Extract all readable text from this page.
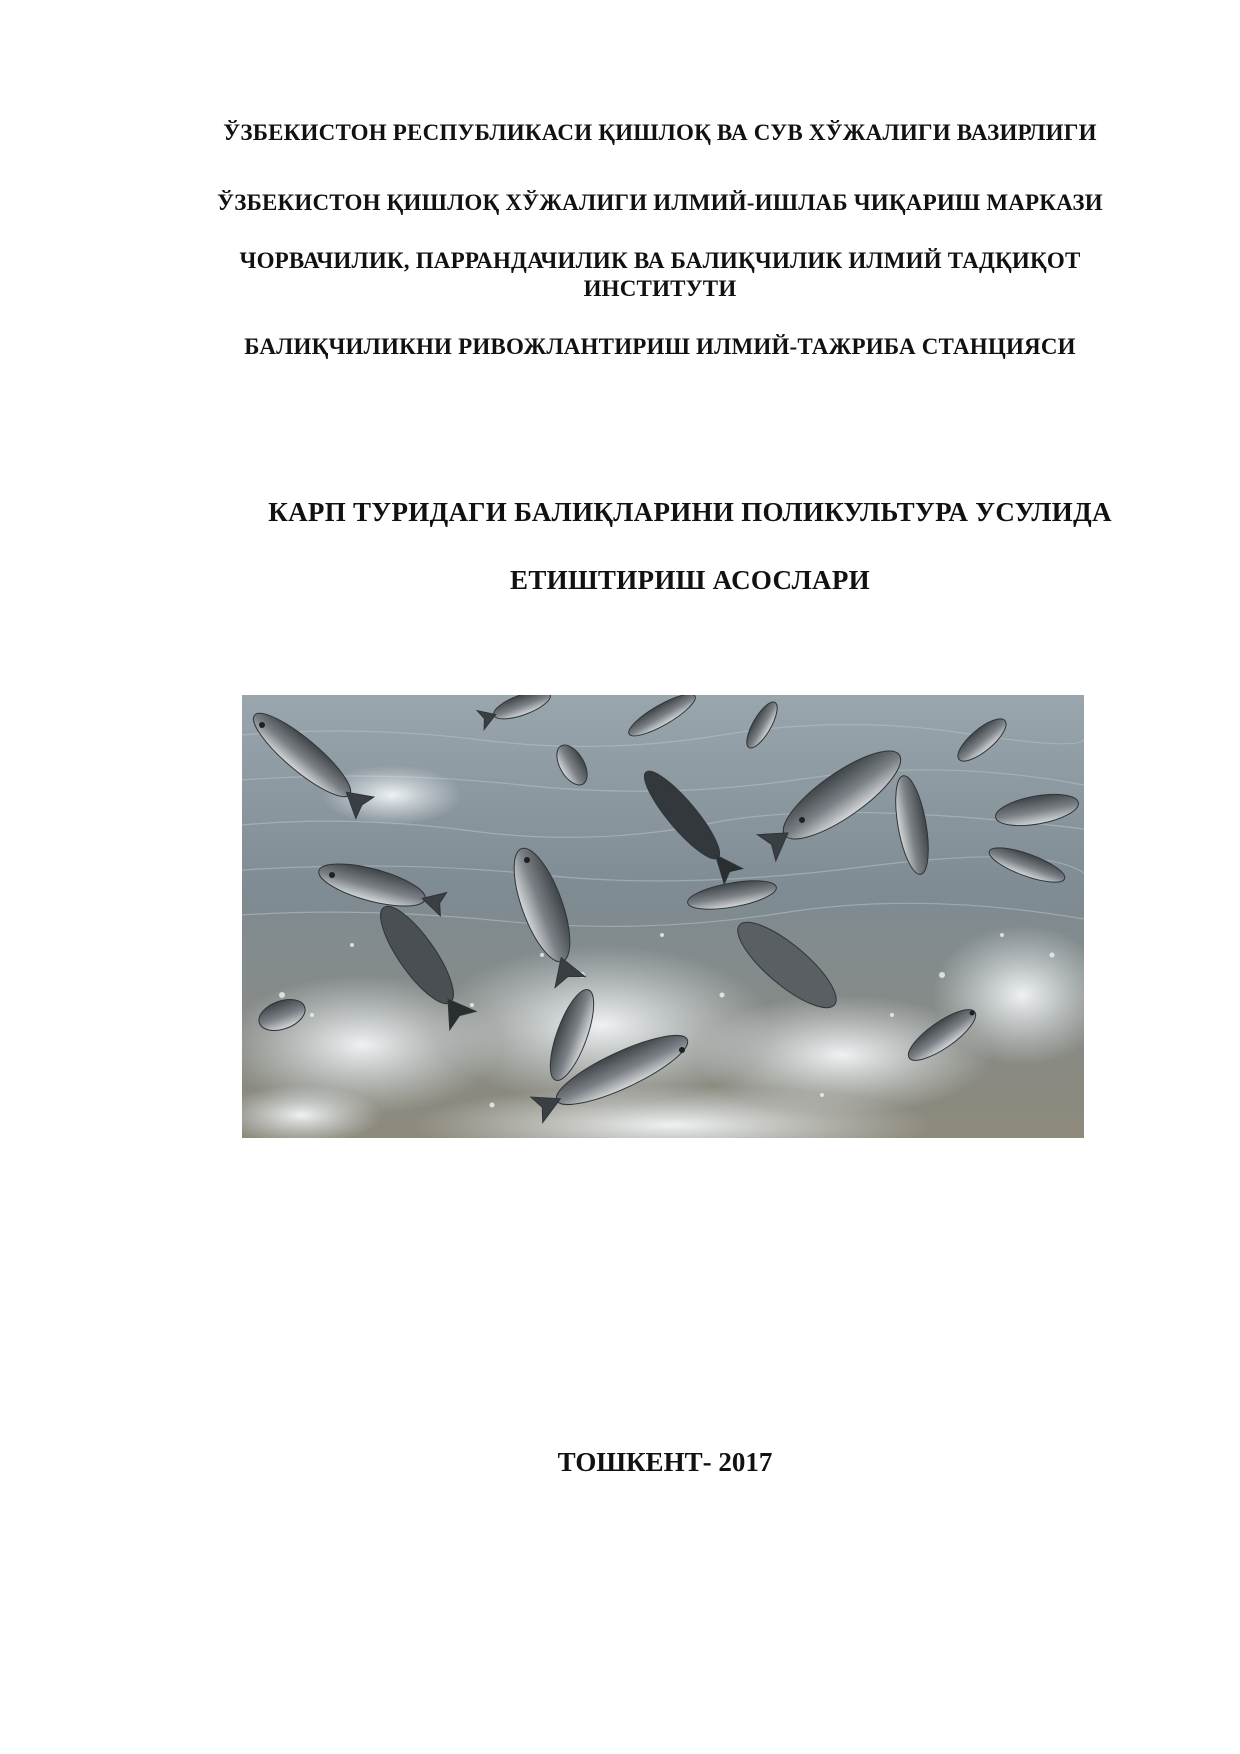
ЎЗБЕКИСТОН РЕСПУБЛИКАСИ ҚИШЛОҚ ВА СУВ ХЎЖАЛИГИ ВАЗИРЛИГИ
ЎЗБЕКИСТОН ҚИШЛОҚ ХЎЖАЛИГИ ИЛМИЙ-ИШЛАБ ЧИҚАРИШ МАРКАЗИ
ЧОРВАЧИЛИК, ПАРРАНДАЧИЛИК ВА БАЛИҚЧИЛИК ИЛМИЙ ТАДҚИҚОТ ИНСТИТУТИ
БАЛИҚЧИЛИКНИ РИВОЖЛАНТИРИШ ИЛМИЙ-ТАЖРИБА СТАНЦИЯСИ
КАРП ТУРИДАГИ БАЛИҚЛАРИНИ ПОЛИКУЛЬТУРА УСУЛИДА
ЕТИШТИРИШ АСОСЛАРИ
ТОШКЕНТ- 2017
